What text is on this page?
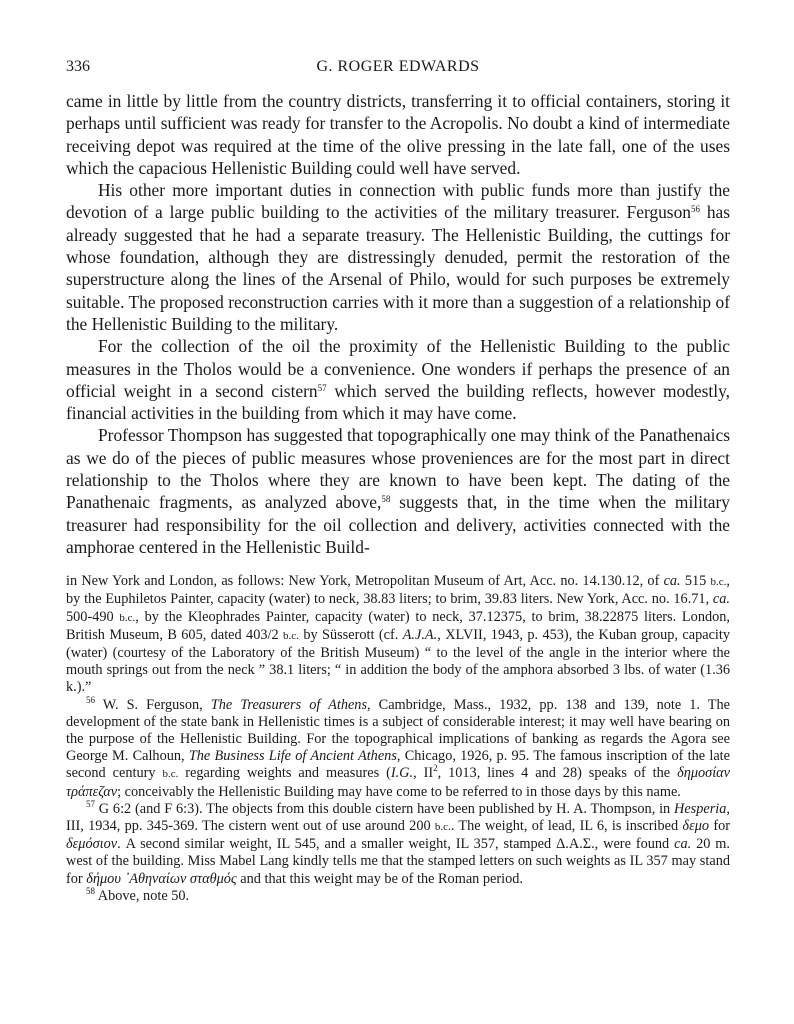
336	G. ROGER EDWARDS

came in little by little from the country districts, transferring it to official containers, storing it perhaps until sufficient was ready for transfer to the Acropolis. No doubt a kind of intermediate receiving depot was required at the time of the olive pressing in the late fall, one of the uses which the capacious Hellenistic Building could well have served.

His other more important duties in connection with public funds more than justify the devotion of a large public building to the activities of the military treasurer. Ferguson$^{56}$ has already suggested that he had a separate treasury. The Hellenistic Building, the cuttings for whose foundation, although they are distressingly denuded, permit the restoration of the superstructure along the lines of the Arsenal of Philo, would for such purposes be extremely suitable. The proposed reconstruction carries with it more than a suggestion of a relationship of the Hellenistic Building to the military.

For the collection of the oil the proximity of the Hellenistic Building to the public measures in the Tholos would be a convenience. One wonders if perhaps the presence of an official weight in a second cistern$^{57}$ which served the building reflects, however modestly, financial activities in the building from which it may have come.

Professor Thompson has suggested that topographically one may think of the Panathenaics as we do of the pieces of public measures whose proveniences are for the most part in direct relationship to the Tholos where they are known to have been kept. The dating of the Panathenaic fragments, as analyzed above,$^{58}$ suggests that, in the time when the military treasurer had responsibility for the oil collection and delivery, activities connected with the amphorae centered in the Hellenistic Build-

in New York and London, as follows: New York, Metropolitan Museum of Art, Acc. no. 14.130.12, of ca. 515 b.c., by the Euphiletos Painter, capacity (water) to neck, 38.83 liters; to brim, 39.83 liters. New York, Acc. no. 16.71, ca. 500-490 b.c., by the Kleophrades Painter, capacity (water) to neck, 37.12375, to brim, 38.22875 liters. London, British Museum, B 605, dated 403/2 b.c. by Süsserott (cf. A.J.A., XLVII, 1943, p. 453), the Kuban group, capacity (water) (courtesy of the Laboratory of the British Museum) “ to the level of the angle in the interior where the mouth springs out from the neck ” 38.1 liters; “ in addition the body of the amphora absorbed 3 lbs. of water (1.36 k.).”

$^{56}$ W. S. Ferguson, The Treasurers of Athens, Cambridge, Mass., 1932, pp. 138 and 139, note 1. The development of the state bank in Hellenistic times is a subject of considerable interest; it may well have bearing on the purpose of the Hellenistic Building. For the topographical implications of banking as regards the Agora see George M. Calhoun, The Business Life of Ancient Athens, Chicago, 1926, p. 95. The famous inscription of the late second century b.c. regarding weights and measures (I.G., $II^2$, 1013, lines 4 and 28) speaks of the δημοσίαν τράπεζαν; conceivably the Hellenistic Building may have come to be referred to in those days by this name.

$^{57}$ G 6:2 (and F 6:3). The objects from this double cistern have been published by H. A. Thompson, in Hesperia, III, 1934, pp. 345-369. The cistern went out of use around 200 b.c.. The weight, of lead, IL 6, is inscribed δεμο for δεμόσιον. A second similar weight, IL 545, and a smaller weight, IL 357, stamped Δ.Α.Σ., were found ca. 20 m. west of the building. Miss Mabel Lang kindly tells me that the stamped letters on such weights as IL 357 may stand for δήμου ᾽Αθηναίων σταθμός and that this weight may be of the Roman period.

$^{58}$ Above, note 50.
